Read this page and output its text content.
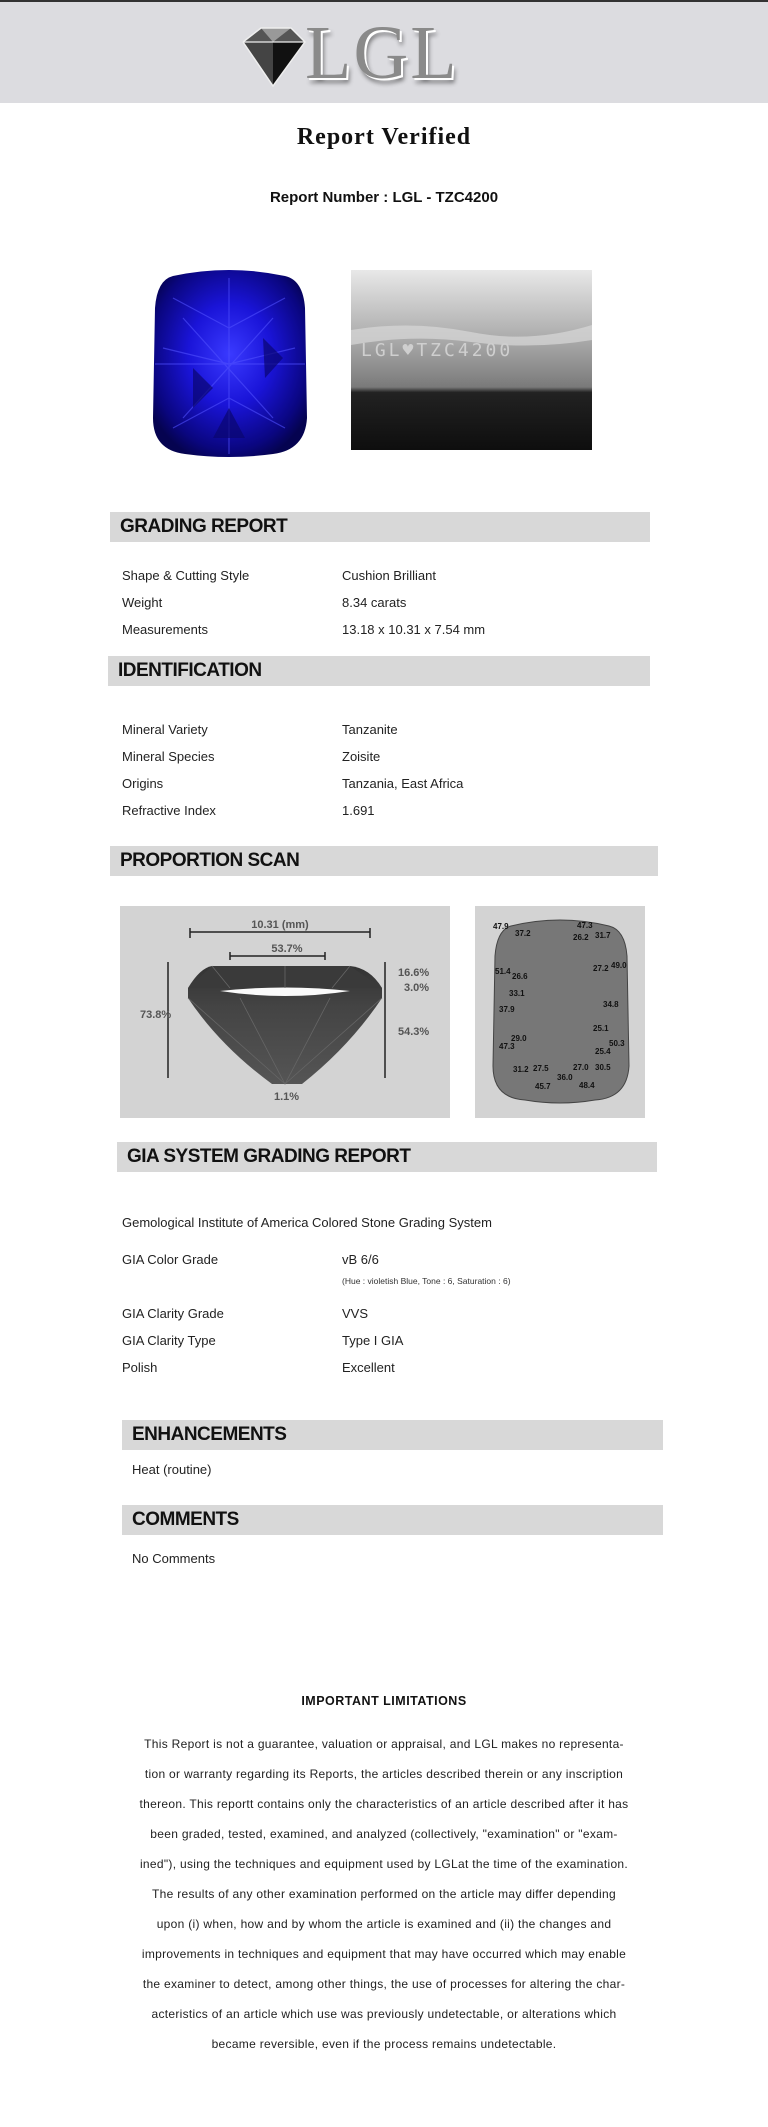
LGL
Report Verified
Report Number : LGL - TZC4200
LGL♥TZC4200
GRADING REPORT
Shape & Cutting Style	Cushion Brilliant
Weight	8.34 carats
Measurements	13.18 x 10.31 x 7.54 mm
IDENTIFICATION
Mineral Variety	Tanzanite
Mineral Species	Zoisite
Origins	Tanzania, East Africa
Refractive Index	1.691
PROPORTION SCAN
10.31 (mm)
53.7%
73.8%
16.6%
3.0%
54.3%
1.1%
47.9
37.2
47.3
26.2 31.7
27.2 49.0
51.4
26.6
33.1
34.8
37.9
25.1
29.0
50.3
47.3
25.4
31.2 27.5	27.0 30.5
36.0
45.7	48.4
GIA SYSTEM GRADING REPORT
Gemological Institute of America Colored Stone Grading System
GIA Color Grade	vB 6/6
(Hue : violetish Blue, Tone : 6, Saturation : 6)
GIA Clarity Grade	VVS
GIA Clarity Type	Type I GIA
Polish	Excellent
ENHANCEMENTS
Heat (routine)
COMMENTS
No Comments
IMPORTANT LIMITATIONS
This Report is not a guarantee, valuation or appraisal, and LGL makes no representa-
tion or warranty regarding its Reports, the articles described therein or any inscription
thereon. This reportt contains only the characteristics of an article described after it has
been graded, tested, examined, and analyzed (collectively, "examination" or "exam-
ined"), using the techniques and equipment used by LGLat the time of the examination.
The results of any other examination performed on the article may differ depending
upon (i) when, how and by whom the article is examined and (ii) the changes and
improvements in techniques and equipment that may have occurred which may enable
the examiner to detect, among other things, the use of processes for altering the char-
acteristics of an article which use was previously undetectable, or alterations which
became reversible, even if the process remains undetectable.
